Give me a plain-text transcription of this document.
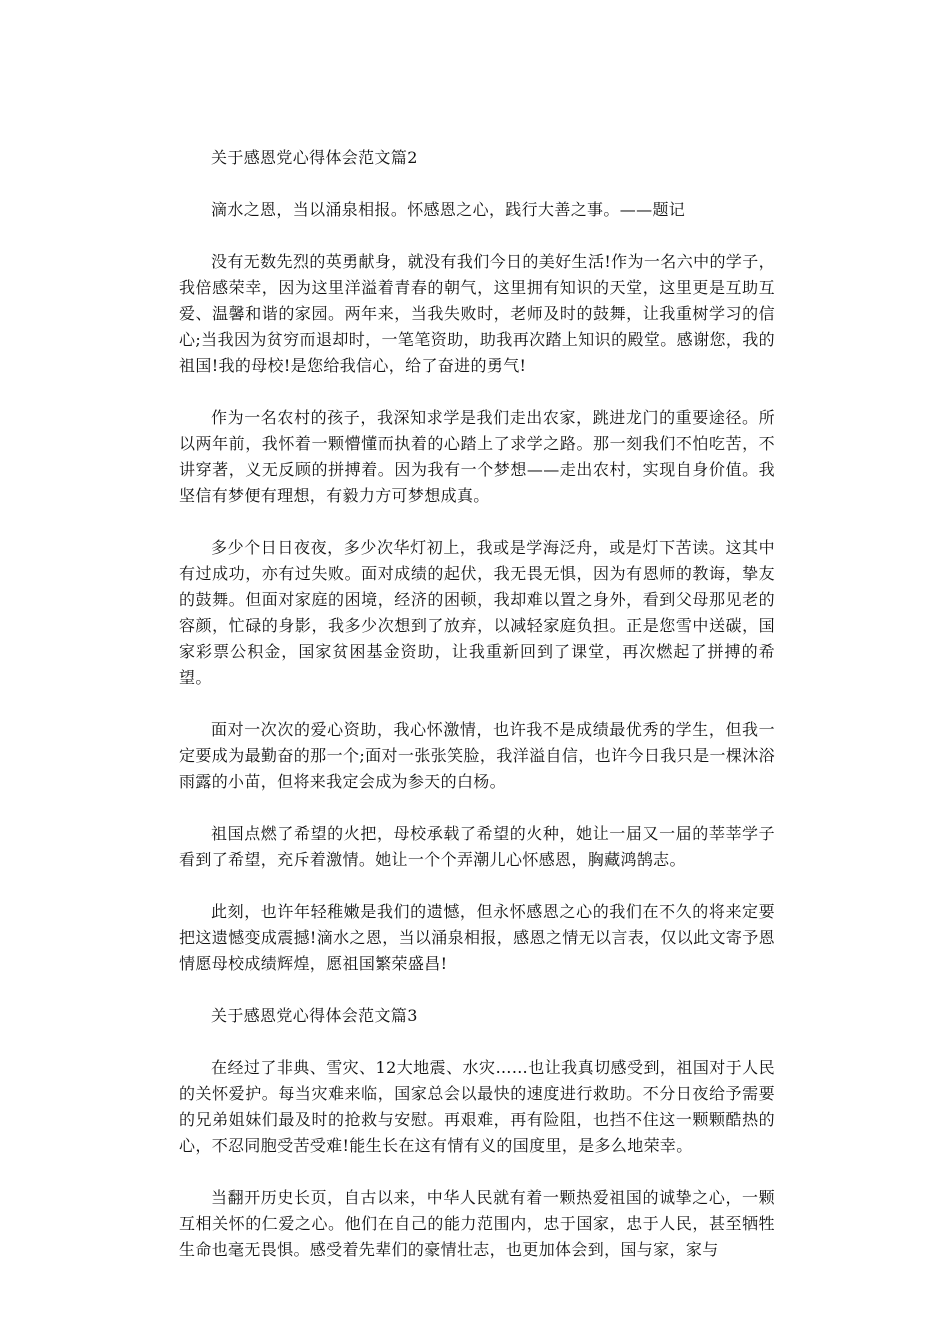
关于感恩党心得体会范文篇2

滴水之恩，当以涌泉相报。怀感恩之心，践行大善之事。——题记

没有无数先烈的英勇献身，就没有我们今日的美好生活!作为一名六中的学子，我倍感荣幸，因为这里洋溢着青春的朝气，这里拥有知识的天堂，这里更是互助互爱、温馨和谐的家园。两年来，当我失败时，老师及时的鼓舞，让我重树学习的信心;当我因为贫穷而退却时，一笔笔资助，助我再次踏上知识的殿堂。感谢您，我的祖国!我的母校!是您给我信心，给了奋进的勇气!

作为一名农村的孩子，我深知求学是我们走出农家，跳进龙门的重要途径。所以两年前，我怀着一颗懵懂而执着的心踏上了求学之路。那一刻我们不怕吃苦，不讲穿著，义无反顾的拼搏着。因为我有一个梦想——走出农村，实现自身价值。我坚信有梦便有理想，有毅力方可梦想成真。

多少个日日夜夜，多少次华灯初上，我或是学海泛舟，或是灯下苦读。这其中有过成功，亦有过失败。面对成绩的起伏，我无畏无惧，因为有恩师的教诲，挚友的鼓舞。但面对家庭的困境，经济的困顿，我却难以置之身外，看到父母那见老的容颜，忙碌的身影，我多少次想到了放弃，以减轻家庭负担。正是您雪中送碳，国家彩票公积金，国家贫困基金资助，让我重新回到了课堂，再次燃起了拼搏的希望。

面对一次次的爱心资助，我心怀激情，也许我不是成绩最优秀的学生，但我一定要成为最勤奋的那一个;面对一张张笑脸，我洋溢自信，也许今日我只是一棵沐浴雨露的小苗，但将来我定会成为参天的白杨。

祖国点燃了希望的火把，母校承载了希望的火种，她让一届又一届的莘莘学子看到了希望，充斥着激情。她让一个个弄潮儿心怀感恩，胸藏鸿鹄志。

此刻，也许年轻稚嫩是我们的遗憾，但永怀感恩之心的我们在不久的将来定要把这遗憾变成震撼!滴水之恩，当以涌泉相报，感恩之情无以言表，仅以此文寄予恩情愿母校成绩辉煌，愿祖国繁荣盛昌!

关于感恩党心得体会范文篇3

在经过了非典、雪灾、12大地震、水灾……也让我真切感受到，祖国对于人民的关怀爱护。每当灾难来临，国家总会以最快的速度进行救助。不分日夜给予需要的兄弟姐妹们最及时的抢救与安慰。再艰难，再有险阻，也挡不住这一颗颗酷热的心，不忍同胞受苦受难!能生长在这有情有义的国度里，是多么地荣幸。

当翻开历史长页，自古以来，中华人民就有着一颗热爱祖国的诚挚之心，一颗互相关怀的仁爱之心。他们在自己的能力范围内，忠于国家，忠于人民，甚至牺牲生命也毫无畏惧。感受着先辈们的豪情壮志，也更加体会到，国与家，家与
